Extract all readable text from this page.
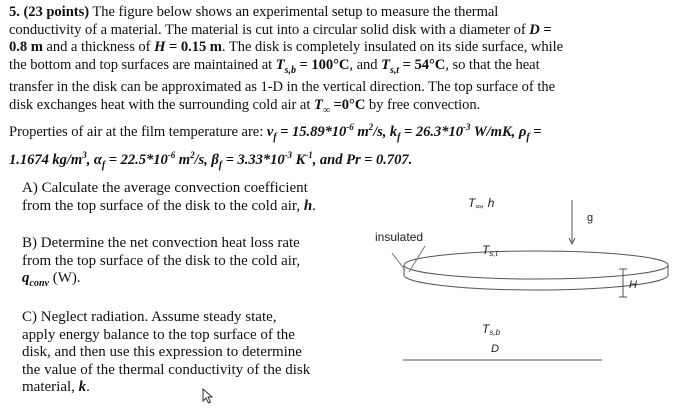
5. (23 points) The figure below shows an experimental setup to measure the thermal

conductivity of a material. The material is cut into a circular solid disk with a diameter of D =

0.8 m and a thickness of H = 0.15 m. The disk is completely insulated on its side surface, while

the bottom and top surfaces are maintained at $T_{s,b} = 100^\circ C$, and $T_{s,t} = 54^\circ C$, so that the heat

transfer in the disk can be approximated as 1-D in the vertical direction. The top surface of the

disk exchanges heat with the surrounding cold air at $T_\infty =0^\circ C$ by free convection.

Properties of air at the film temperature are: $\nu_f = 15.89*10^{-6}$ $m^2/s$, $k_f = 26.3*10^{-3}$ W/mK, $\rho_f$ =

1.1674 $kg/m^3$, $\alpha_f = 22.5*10^{-6}$ $m^2/s$, $\beta_f = 3.33*10^{-3}$ $K^{-1}$, and Pr = 0.707.

A) Calculate the average convection coefficient

from the top surface of the disk to the cold air, h.

B) Determine the net convection heat loss rate

from the top surface of the disk to the cold air,

$q_{conv}$ (W).

C) Neglect radiation. Assume steady state,

apply energy balance to the top surface of the

disk, and then use this expression to determine

the value of the thermal conductivity of the disk

material, k.

insulated
T∞, h
g
Ts,t
H
Ts,b
D
